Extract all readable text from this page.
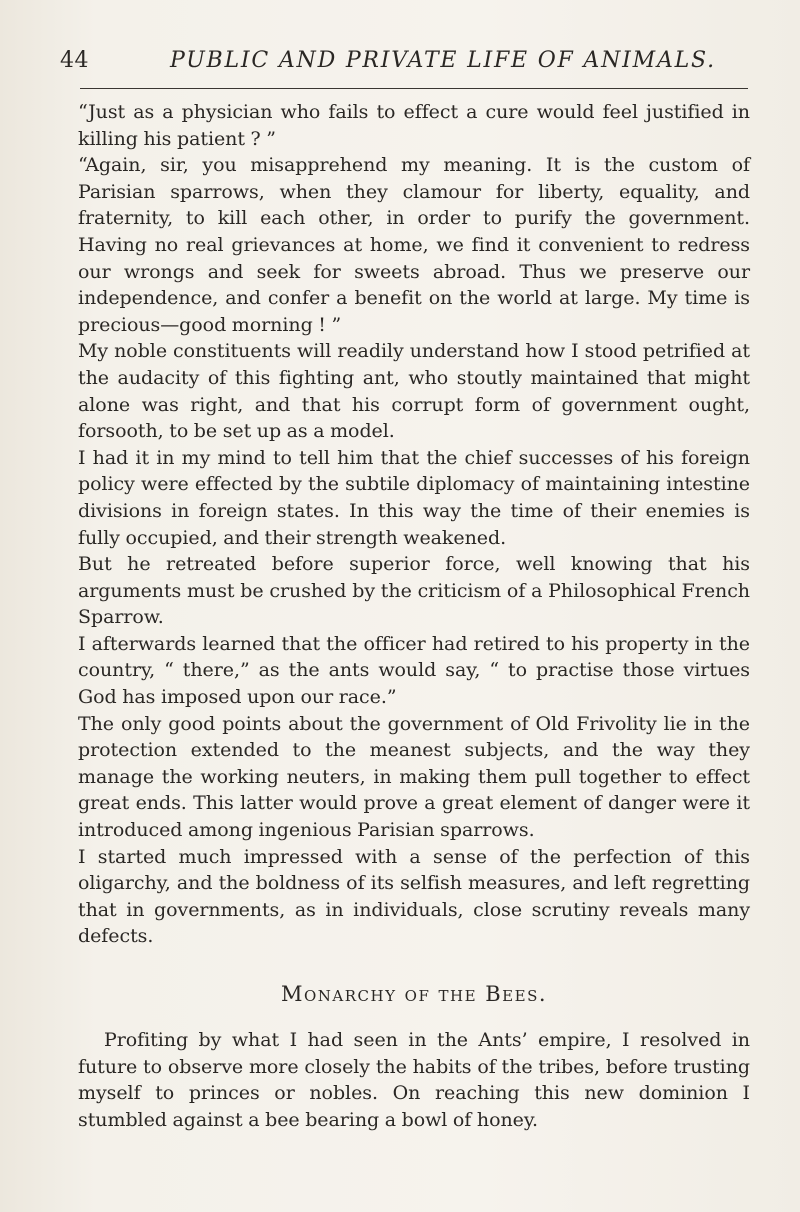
44	PUBLIC AND PRIVATE LIFE OF ANIMALS.

“Just as a physician who fails to effect a cure would feel justified in killing his patient ? ”

“Again, sir, you misapprehend my meaning. It is the custom of Parisian sparrows, when they clamour for liberty, equality, and fraternity, to kill each other, in order to purify the government. Having no real grievances at home, we find it convenient to redress our wrongs and seek for sweets abroad. Thus we preserve our independence, and confer a benefit on the world at large. My time is precious—good morning ! ”

My noble constituents will readily understand how I stood petrified at the audacity of this fighting ant, who stoutly maintained that might alone was right, and that his corrupt form of government ought, forsooth, to be set up as a model.

I had it in my mind to tell him that the chief successes of his foreign policy were effected by the subtile diplomacy of maintaining intestine divisions in foreign states. In this way the time of their enemies is fully occupied, and their strength weakened.

But he retreated before superior force, well knowing that his arguments must be crushed by the criticism of a Philosophical French Sparrow.

I afterwards learned that the officer had retired to his property in the country, “ there,” as the ants would say, “ to practise those virtues God has imposed upon our race.”

The only good points about the government of Old Frivolity lie in the protection extended to the meanest subjects, and the way they manage the working neuters, in making them pull together to effect great ends. This latter would prove a great element of danger were it introduced among ingenious Parisian sparrows.

I started much impressed with a sense of the perfection of this oligarchy, and the boldness of its selfish measures, and left regretting that in governments, as in individuals, close scrutiny reveals many defects.

Monarchy of the Bees.

Profiting by what I had seen in the Ants’ empire, I resolved in future to observe more closely the habits of the tribes, before trusting myself to princes or nobles. On reaching this new dominion I stumbled against a bee bearing a bowl of honey.
